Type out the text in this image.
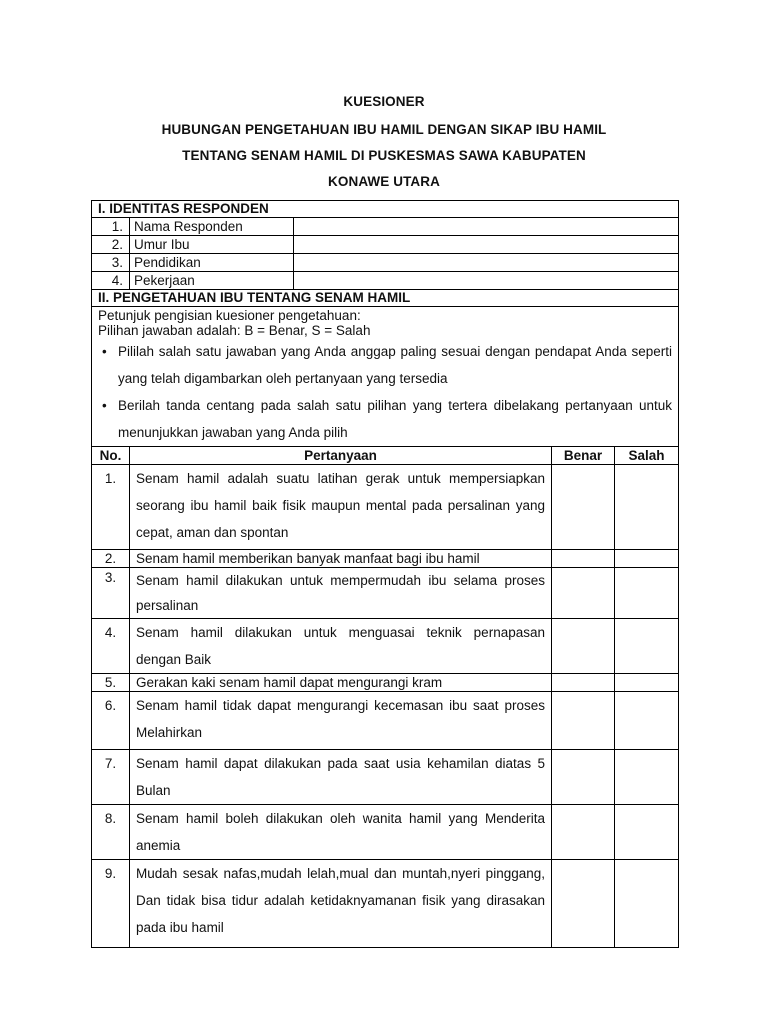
KUESIONER
HUBUNGAN PENGETAHUAN IBU HAMIL DENGAN SIKAP IBU HAMIL
TENTANG SENAM HAMIL DI PUSKESMAS SAWA KABUPATEN
KONAWE UTARA
I. IDENTITAS RESPONDEN				
1.	Nama Responden			
2.	Umur Ibu			
3.	Pendidikan			
4.	Pekerjaan			
II. PENGETAHUAN IBU TENTANG SENAM HAMIL				

Petunjuk pengisian kuesioner pengetahuan:
Pilihan jawaban adalah: B = Benar, S = Salah
• Pililah salah satu jawaban yang Anda anggap paling sesuai dengan pendapat Anda seperti yang telah digambarkan oleh pertanyaan yang tersedia
• Berilah tanda centang pada salah satu pilihan yang tertera dibelakang pertanyaan untuk menunjukkan jawaban yang Anda pilih

No.	Pertanyaan		Benar	Salah
1.	Senam hamil adalah suatu latihan gerak untuk mempersiapkan seorang ibu hamil baik fisik maupun mental pada persalinan yang cepat, aman dan spontan			
2.	Senam hamil memberikan banyak manfaat bagi ibu hamil			
3.	Senam hamil dilakukan untuk mempermudah ibu selama proses persalinan			
4.	Senam hamil dilakukan untuk menguasai teknik pernapasan dengan Baik			
5.	Gerakan kaki senam hamil dapat mengurangi kram			
6.	Senam hamil tidak dapat mengurangi kecemasan ibu saat proses Melahirkan			
7.	Senam hamil dapat dilakukan pada saat usia kehamilan diatas 5 Bulan			
8.	Senam hamil boleh dilakukan oleh wanita hamil yang Menderita anemia			
9.	Mudah sesak nafas,mudah lelah,mual dan muntah,nyeri pinggang, Dan tidak bisa tidur adalah ketidaknyamanan fisik yang dirasakan pada ibu hamil			
